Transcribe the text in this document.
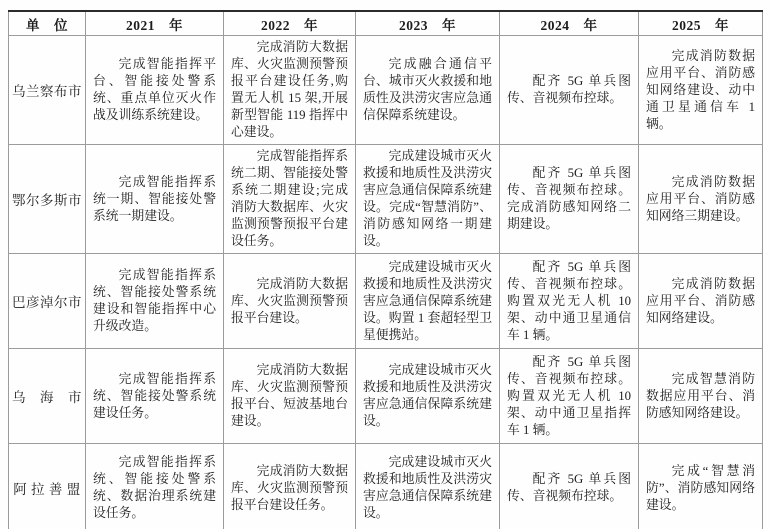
单　位	2021　年	2022　年	2023　年	2024　年	2025　年
乌兰察布市	完成智能指挥平台、智能接处警系统、重点单位灭火作战及训练系统建设。	完成消防大数据库、火灾监测预警预报平台建设任务,购置无人机 15 架,开展新型智能 119 指挥中心建设。	完成融合通信平台、城市灭火救援和地质性及洪涝灾害应急通信保障系统建设。	配齐 5G 单兵图传、音视频布控球。	完成消防数据应用平台、消防感知网络建设、动中通卫星通信车 1 辆。

鄂尔多斯市	完成智能指挥系统一期、智能接处警系统一期建设。	完成智能指挥系统二期、智能接处警系统二期建设;完成消防大数据库、火灾监测预警预报平台建设任务。	完成建设城市灭火救援和地质性及洪涝灾害应急通信保障系统建设。完成“智慧消防”、消防感知网络一期建设。	配齐 5G 单兵图传、音视频布控球。完成消防感知网络二期建设。	完成消防数据应用平台、消防感知网络三期建设。

巴彦淖尔市	完成智能指挥系统、智能接处警系统建设和智能指挥中心升级改造。	完成消防大数据库、火灾监测预警预报平台建设。	完成建设城市灭火救援和地质性及洪涝灾害应急通信保障系统建设。购置 1 套超轻型卫星便携站。	配齐 5G 单兵图传、音视频布控球。购置双光无人机 10 架、动中通卫星通信车 1 辆。	完成消防数据应用平台、消防感知网络建设。

乌　海　市	完成智能指挥系统、智能接处警系统建设任务。	完成消防大数据库、火灾监测预警预报平台、短波基地台建设。	完成建设城市灭火救援和地质性及洪涝灾害应急通信保障系统建设。	配齐 5G 单兵图传、音视频布控球。购置双光无人机 10 架、动中通卫星指挥车 1 辆。	完成智慧消防数据应用平台、消防感知网络建设。

阿 拉 善 盟	完成智能指挥系统、智能接处警系统、数据治理系统建设任务。	完成消防大数据库、火灾监测预警预报平台建设任务。	完成建设城市灭火救援和地质性及洪涝灾害应急通信保障系统建设。	配齐 5G 单兵图传、音视频布控球。	完成“智慧消防”、消防感知网络建设。
